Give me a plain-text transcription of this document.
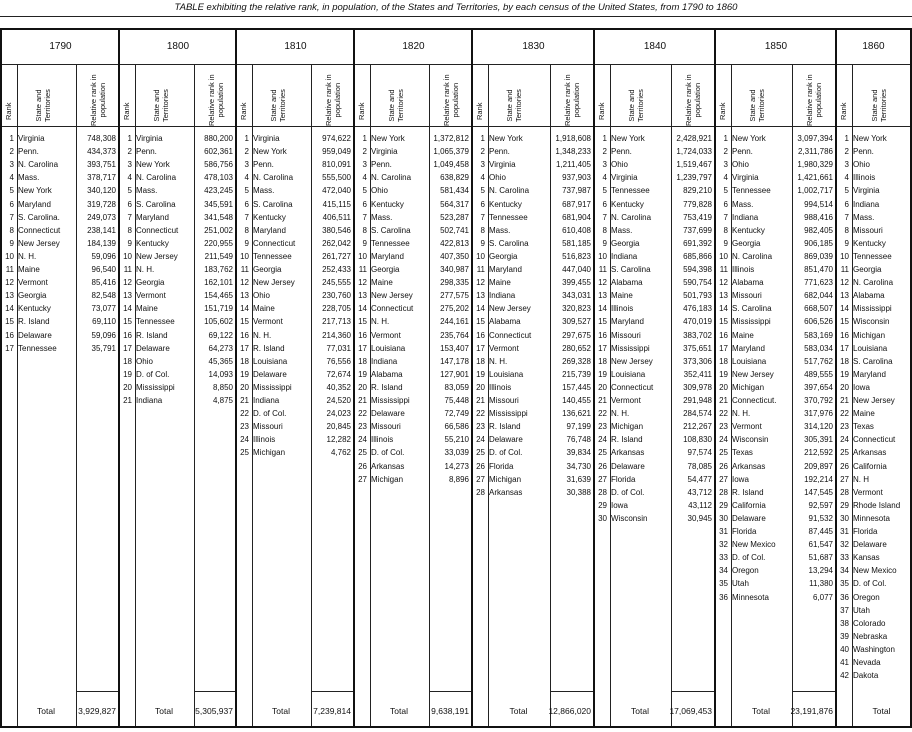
TABLE exhibiting the relative rank, in population, of the States and Territories, by each census of the United States, from 1790 to 1860
1790
Rank	State and Territories	Relative rank in population
1 Virginia	748,308
2 Penn.	434,373
3 N. Carolina	393,751
4 Mass.	378,717
5 New York	340,120
6 Maryland	319,728
7 S. Carolina.	249,073
8 Connecticut	238,141
9 New Jersey	184,139
10 N. H.	59,096
11 Maine	96,540
12 Vermont	85,416
13 Georgia	82,548
14 Kentucky	73,077
15 R. Island	69,110
16 Delaware	59,096
17 Tennessee	35,791
Total	3,929,827
1800
Rank	State and Territories	Relative rank in population
1 Virginia	880,200
2 Penn.	602,361
3 New York	586,756
4 N. Carolina	478,103
5 Mass.	423,245
6 S. Carolina	345,591
7 Maryland	341,548
8 Connecticut	251,002
9 Kentucky	220,955
10 New Jersey	211,549
11 N. H.	183,762
12 Georgia	162,101
13 Vermont	154,465
14 Maine	151,719
15 Tennessee	105,602
16 R. Island	69,122
17 Delaware	64,273
18 Ohio	45,365
19 D. of Col.	14,093
20 Mississippi	8,850
21 Indiana	4,875
Total	5,305,937
1810
Rank	State and Territories	Relative rank in population
1 Virginia	974,622
2 New York	959,049
3 Penn.	810,091
4 N. Carolina	555,500
5 Mass.	472,040
6 S. Carolina	415,115
7 Kentucky	406,511
8 Maryland	380,546
9 Connecticut	262,042
10 Tennessee	261,727
11 Georgia	252,433
12 New Jersey	245,555
13 Ohio	230,760
14 Maine	228,705
15 Vermont	217,713
16 N. H.	214,360
17 R. Island	77,031
18 Louisiana	76,556
19 Delaware	72,674
20 Mississippi	40,352
21 Indiana	24,520
22 D. of Col.	24,023
23 Missouri	20,845
24 Illinois	12,282
25 Michigan	4,762
Total	7,239,814
1820
Rank	State and Territories	Relative rank in population
1 New York	1,372,812
2 Virginia	1,065,379
3 Penn.	1,049,458
4 N. Carolina	638,829
5 Ohio	581,434
6 Kentucky	564,317
7 Mass.	523,287
8 S. Carolina	502,741
9 Tennessee	422,813
10 Maryland	407,350
11 Georgia	340,987
12 Maine	298,335
13 New Jersey	277,575
14 Connecticut	275,202
15 N. H.	244,161
16 Vermont	235,764
17 Louisiana	153,407
18 Indiana	147,178
19 Alabama	127,901
20 R. Island	83,059
21 Mississippi	75,448
22 Delaware	72,749
23 Missouri	66,586
24 Illinois	55,210
25 D. of Col.	33,039
26 Arkansas	14,273
27 Michigan	8,896
Total	9,638,191
1830
Rank	State and Territories	Relative rank in population
1 New York	1,918,608
2 Penn.	1,348,233
3 Virginia	1,211,405
4 Ohio	937,903
5 N. Carolina	737,987
6 Kentucky	687,917
7 Tennessee	681,904
8 Mass.	610,408
9 S. Carolina	581,185
10 Georgia	516,823
11 Maryland	447,040
12 Maine	399,455
13 Indiana	343,031
14 New Jersey	320,823
15 Alabama	309,527
16 Connecticut	297,675
17 Vermont	280,652
18 N. H.	269,328
19 Louisiana	215,739
20 Illinois	157,445
21 Missouri	140,455
22 Mississippi	136,621
23 R. Island	97,199
24 Delaware	76,748
25 D. of Col.	39,834
26 Florida	34,730
27 Michigan	31,639
28 Arkansas	30,388
Total	12,866,020
1840
Rank	State and Territories	Relative rank in population
1 New York	2,428,921
2 Penn.	1,724,033
3 Ohio	1,519,467
4 Virginia	1,239,797
5 Tennessee	829,210
6 Kentucky	779,828
7 N. Carolina	753,419
8 Mass.	737,699
9 Georgia	691,392
10 Indiana	685,866
11 S. Carolina	594,398
12 Alabama	590,754
13 Maine	501,793
14 Illinois	476,183
15 Maryland	470,019
16 Missouri	383,702
17 Mississippi	375,651
18 New Jersey	373,306
19 Louisiana	352,411
20 Connecticut	309,978
21 Vermont	291,948
22 N. H.	284,574
23 Michigan	212,267
24 R. Island	108,830
25 Arkansas	97,574
26 Delaware	78,085
27 Florida	54,477
28 D. of Col.	43,712
29 Iowa	43,112
30 Wisconsin	30,945
Total	17,069,453
1850
Rank	State and Territories	Relative rank in population
1 New York	3,097,394
2 Penn.	2,311,786
3 Ohio	1,980,329
4 Virginia	1,421,661
5 Tennessee	1,002,717
6 Mass.	994,514
7 Indiana	988,416
8 Kentucky	982,405
9 Georgia	906,185
10 N. Carolina	869,039
11 Illinois	851,470
12 Alabama	771,623
13 Missouri	682,044
14 S. Carolina	668,507
15 Mississippi	606,526
16 Maine	583,169
17 Maryland	583,034
18 Louisiana	517,762
19 New Jersey	489,555
20 Michigan	397,654
21 Connecticut.	370,792
22 N. H.	317,976
23 Vermont	314,120
24 Wisconsin	305,391
25 Texas	212,592
26 Arkansas	209,897
27 Iowa	192,214
28 R. Island	147,545
29 California	92,597
30 Delaware	91,532
31 Florida	87,445
32 New Mexico	61,547
33 D. of Col.	51,687
34 Oregon	13,294
35 Utah	11,380
36 Minnesota	6,077
Total	23,191,876
1860
Rank	State and Territories
1 New York
2 Penn.
3 Ohio
4 Illinois
5 Virginia
6 Indiana
7 Mass.
8 Missouri
9 Kentucky
10 Tennessee
11 Georgia
12 N. Carolina
13 Alabama
14 Mississippi
15 Wisconsin
16 Michigan
17 Louisiana
18 S. Carolina
19 Maryland
20 Iowa
21 New Jersey
22 Maine
23 Texas
24 Connecticut
25 Arkansas
26 California
27 N. H
28 Vermont
29 Rhode Island
30 Minnesota
31 Florida
32 Delaware
33 Kansas
34 New Mexico
35 D. of Col.
36 Oregon
37 Utah
38 Colorado
39 Nebraska
40 Washington
41 Nevada
42 Dakota
Total
